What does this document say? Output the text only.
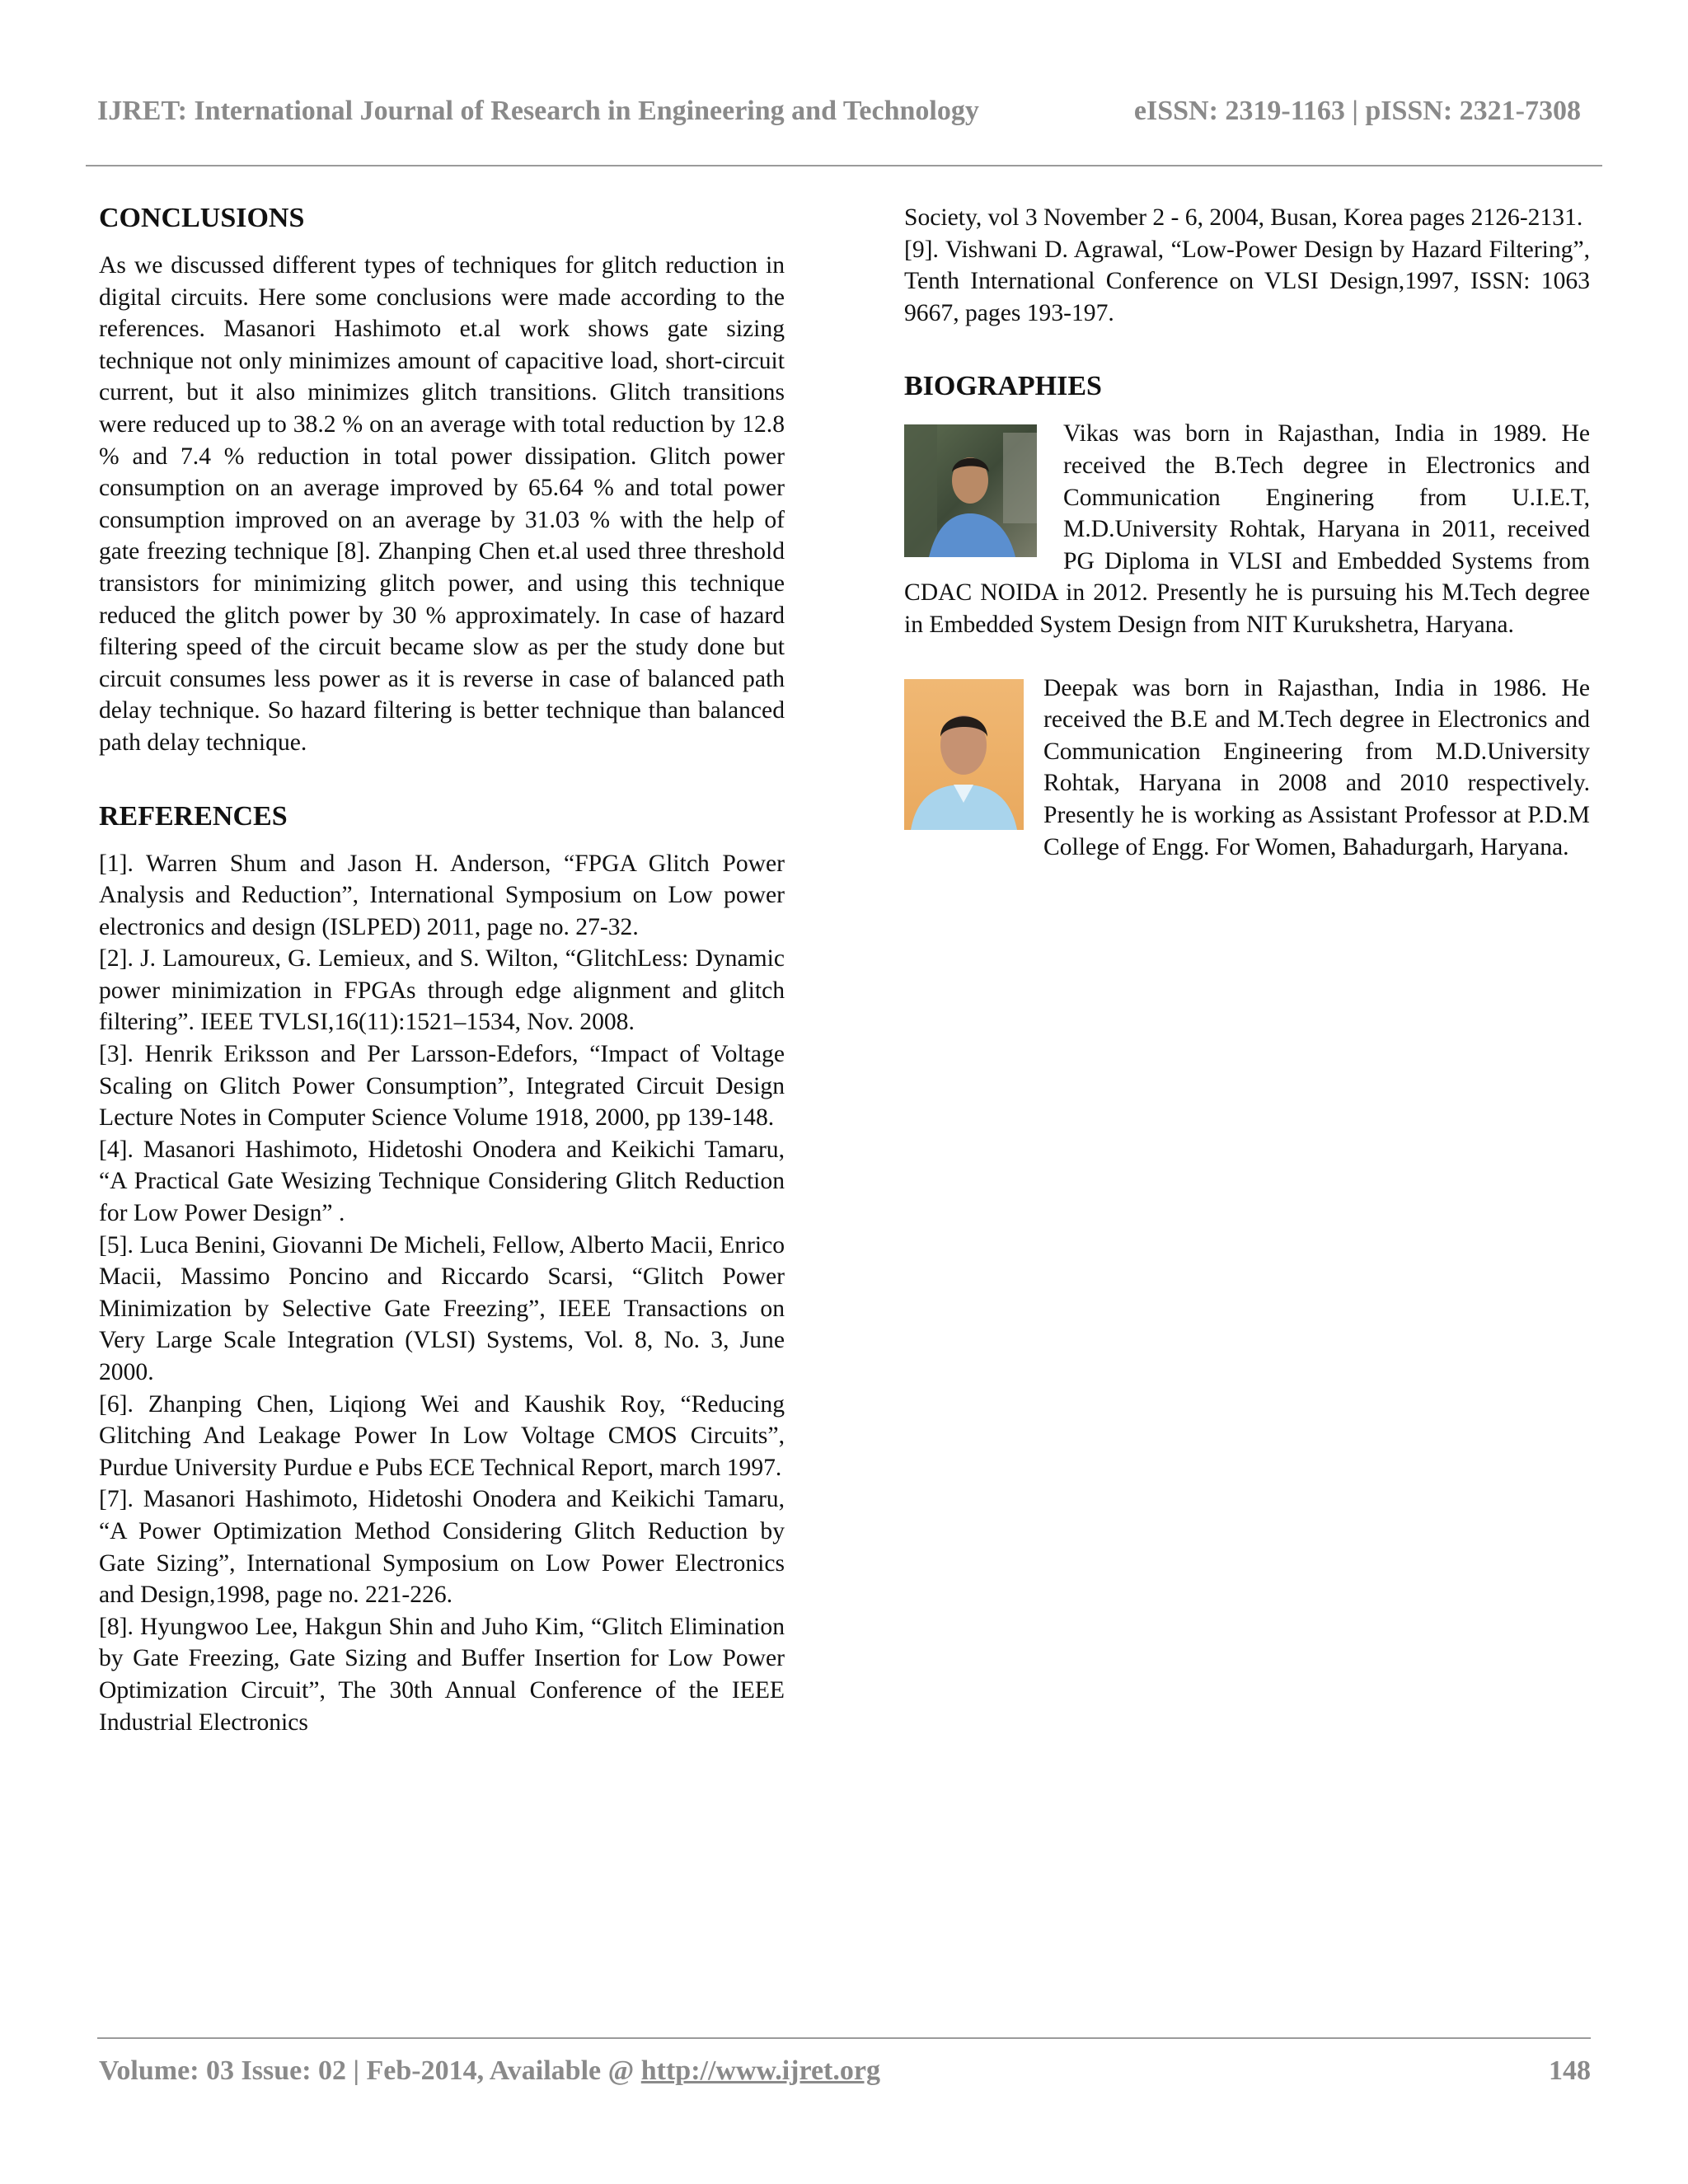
IJRET: International Journal of Research in Engineering and Technology	eISSN: 2319-1163 | pISSN: 2321-7308
CONCLUSIONS

As we discussed different types of techniques for glitch reduction in digital circuits. Here some conclusions were made according to the references. Masanori Hashimoto et.al work shows gate sizing technique not only minimizes amount of capacitive load, short-circuit current, but it also minimizes glitch transitions. Glitch transitions were reduced up to 38.2 % on an average with total reduction by 12.8 % and 7.4 % reduction in total power dissipation. Glitch power consumption on an average improved by 65.64 % and total power consumption improved on an average by 31.03 % with the help of gate freezing technique [8]. Zhanping Chen et.al used three threshold transistors for minimizing glitch power, and using this technique reduced the glitch power by 30 % approximately. In case of hazard filtering speed of the circuit became slow as per the study done but circuit consumes less power as it is reverse in case of balanced path delay technique. So hazard filtering is better technique than balanced path delay technique.

REFERENCES

[1]. Warren Shum and Jason H. Anderson, “FPGA Glitch Power Analysis and Reduction”, International Symposium on Low power electronics and design (ISLPED) 2011, page no. 27-32.

[2]. J. Lamoureux, G. Lemieux, and S. Wilton, “GlitchLess: Dynamic power minimization in FPGAs through edge alignment and glitch filtering”. IEEE TVLSI,16(11):1521–1534, Nov. 2008.

[3]. Henrik Eriksson and Per Larsson-Edefors, “Impact of Voltage Scaling on Glitch Power Consumption”, Integrated Circuit Design Lecture Notes in Computer Science Volume 1918, 2000, pp 139-148.

[4]. Masanori Hashimoto, Hidetoshi Onodera and Keikichi Tamaru, “A Practical Gate Wesizing Technique Considering Glitch Reduction for Low Power Design” .

[5]. Luca Benini, Giovanni De Micheli, Fellow, Alberto Macii, Enrico Macii, Massimo Poncino and Riccardo Scarsi, “Glitch Power Minimization by Selective Gate Freezing”, IEEE Transactions on Very Large Scale Integration (VLSI) Systems, Vol. 8, No. 3, June 2000.

[6]. Zhanping Chen, Liqiong Wei and Kaushik Roy, “Reducing Glitching And Leakage Power In Low Voltage CMOS Circuits”, Purdue University Purdue e Pubs ECE Technical Report, march 1997.

[7]. Masanori Hashimoto, Hidetoshi Onodera and Keikichi Tamaru, “A Power Optimization Method Considering Glitch Reduction by Gate Sizing”, International Symposium on Low Power Electronics and Design,1998, page no. 221-226.

[8]. Hyungwoo Lee, Hakgun Shin and Juho Kim, “Glitch Elimination by Gate Freezing, Gate Sizing and Buffer Insertion for Low Power Optimization Circuit”, The 30th Annual Conference of the IEEE Industrial Electronics

Society, vol 3 November 2 - 6, 2004, Busan, Korea pages 2126-2131.

[9]. Vishwani D. Agrawal, “Low-Power Design by Hazard Filtering”, Tenth International Conference on VLSI Design,1997, ISSN: 1063 9667, pages 193-197.

BIOGRAPHIES
Vikas was born in Rajasthan, India in 1989. He received the B.Tech degree in Electronics and Communication Enginering from U.I.E.T, M.D.University Rohtak, Haryana in 2011, received PG Diploma in VLSI and Embedded Systems from CDAC NOIDA in 2012. Presently he is pursuing his M.Tech degree in Embedded System Design from NIT Kurukshetra, Haryana.
Deepak was born in Rajasthan, India in 1986. He received the B.E and M.Tech degree in Electronics and Communication Engineering from M.D.University Rohtak, Haryana in 2008 and 2010 respectively. Presently he is working as Assistant Professor at P.D.M College of Engg. For Women, Bahadurgarh, Haryana.
Volume: 03 Issue: 02 | Feb-2014, Available @ http://www.ijret.org	148
